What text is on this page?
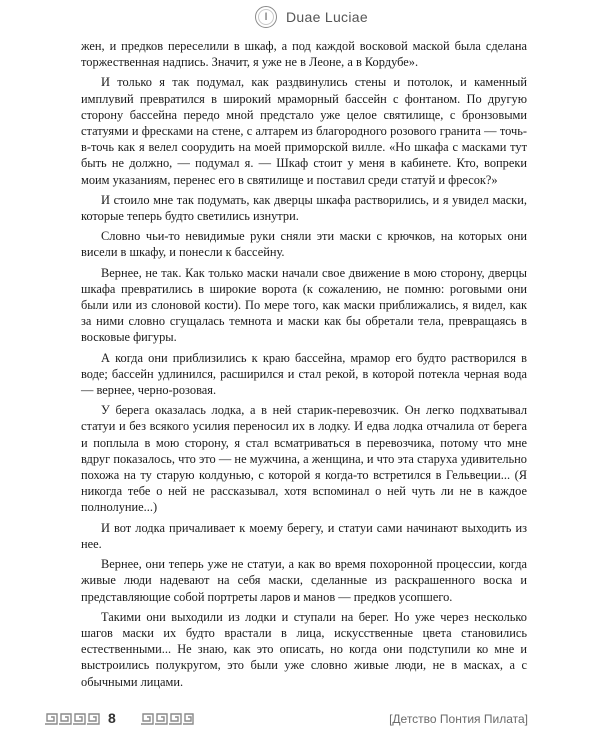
I Duae Luciae

жен, и предков переселили в шкаф, а под каждой восковой маской была сделана торжественная надпись. Значит, я уже не в Леоне, а в Кордубе».

И только я так подумал, как раздвинулись стены и потолок, и каменный имплувий превратился в широкий мраморный бассейн с фонтаном. По другую сторону бассейна передо мной предстало уже целое святилище, с бронзовыми статуями и фресками на стене, с алтарем из благородного розового гранита — точь-в-точь как я велел соорудить на моей приморской вилле. «Но шкафа с масками тут быть не должно, — подумал я. — Шкаф стоит у меня в кабинете. Кто, вопреки моим указаниям, перенес его в святилище и поставил среди статуй и фресок?»

И стоило мне так подумать, как дверцы шкафа растворились, и я увидел маски, которые теперь будто светились изнутри.

Словно чьи-то невидимые руки сняли эти маски с крючков, на которых они висели в шкафу, и понесли к бассейну.

Вернее, не так. Как только маски начали свое движение в мою сторону, дверцы шкафа превратились в широкие ворота (к сожалению, не помню: роговыми они были или из слоновой кости). По мере того, как маски приближались, я видел, как за ними словно сгущалась темнота и маски как бы обретали тела, превращаясь в восковые фигуры.

А когда они приблизились к краю бассейна, мрамор его будто растворился в воде; бассейн удлинился, расширился и стал рекой, в которой потекла черная вода — вернее, черно-розовая.

У берега оказалась лодка, а в ней старик-перевозчик. Он легко подхватывал статуи и без всякого усилия переносил их в лодку. И едва лодка отчалила от берега и поплыла в мою сторону, я стал всматриваться в перевозчика, потому что мне вдруг показалось, что это — не мужчина, а женщина, и что эта старуха удивительно похожа на ту старую колдунью, с которой я когда-то встретился в Гельвеции... (Я никогда тебе о ней не рассказывал, хотя вспоминал о ней чуть ли не в каждое полнолуние...)

И вот лодка причаливает к моему берегу, и статуи сами начинают выходить из нее.

Вернее, они теперь уже не статуи, а как во время похоронной процессии, когда живые люди надевают на себя маски, сделанные из раскрашенного воска и представляющие собой портреты ларов и манов — предков усопшего.

Такими они выходили из лодки и ступали на берег. Но уже через несколько шагов маски их будто врастали в лица, искусственные цвета становились естественными... Не знаю, как это описать, но когда они подступили ко мне и выстроились полукругом, это были уже словно живые люди, не в масках, а с обычными лицами.

8	[Детство Понтия Пилата]
